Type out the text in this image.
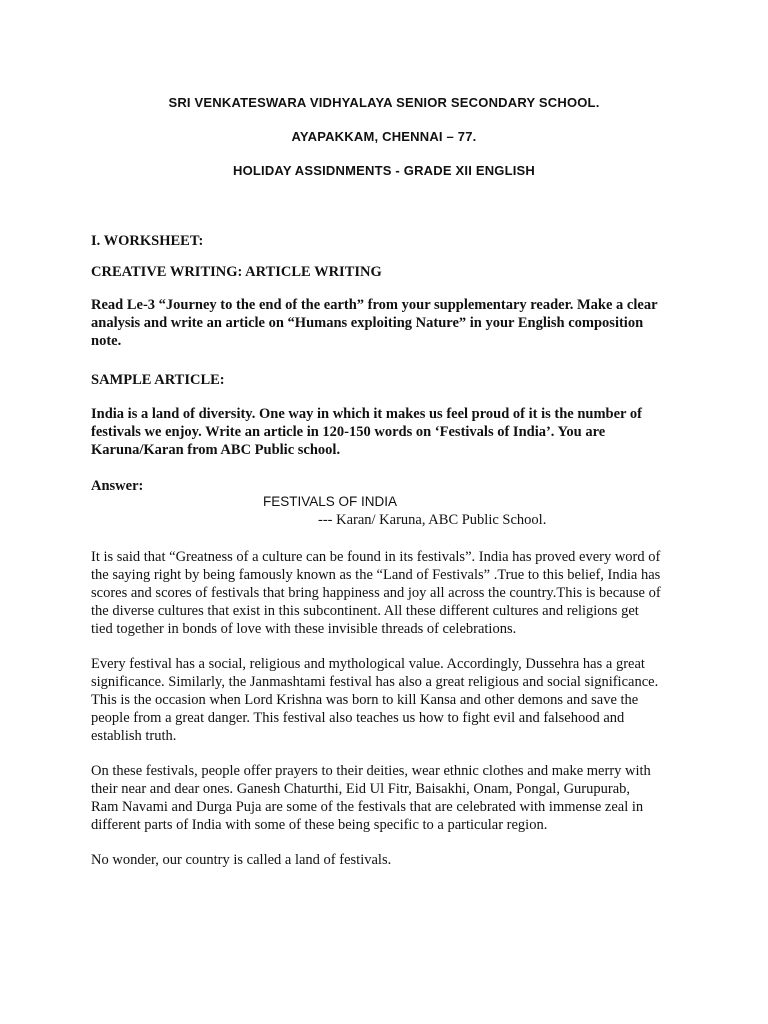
SRI VENKATESWARA VIDHYALAYA SENIOR SECONDARY SCHOOL.
AYAPAKKAM, CHENNAI – 77.
HOLIDAY ASSIDNMENTS - GRADE XII ENGLISH
I. WORKSHEET:
CREATIVE WRITING: ARTICLE WRITING
Read Le-3 “Journey to the end of the earth” from your supplementary reader. Make a clear analysis and write an article on “Humans exploiting Nature” in your English composition note.
SAMPLE ARTICLE:
India is a land of diversity. One way in which it makes us feel proud of it is the number of festivals we enjoy. Write an article in 120-150 words on ‘Festivals of India’. You are Karuna/Karan from ABC Public school.
Answer:
FESTIVALS OF INDIA
--- Karan/ Karuna, ABC Public School.
It is said that “Greatness of a culture can be found in its festivals”. India has proved every word of the saying right by being famously known as the “Land of Festivals” .True to this belief, India has scores and scores of festivals that bring happiness and joy all across the country.This is because of the diverse cultures that exist in this subcontinent. All these different cultures and religions get tied together in bonds of love with these invisible threads of celebrations.
Every festival has a social, religious and mythological value. Accordingly, Dussehra has a great significance. Similarly, the Janmashtami festival has also a great religious and social significance. This is the occasion when Lord Krishna was born to kill Kansa and other demons and save the people from a great danger. This festival also teaches us how to fight evil and falsehood and establish truth.
On these festivals, people offer prayers to their deities, wear ethnic clothes and make merry with their near and dear ones. Ganesh Chaturthi, Eid Ul Fitr, Baisakhi, Onam, Pongal, Gurupurab, Ram Navami and Durga Puja are some of the festivals that are celebrated with immense zeal in different parts of India with some of these being specific to a particular region.
No wonder, our country is called a land of festivals.
